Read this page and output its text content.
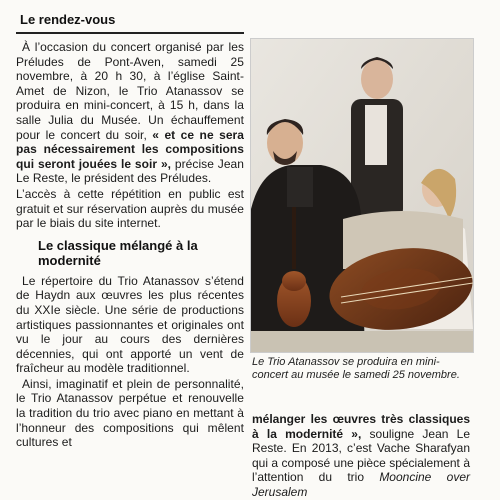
Le rendez-vous

À l’occasion du concert organisé par les Préludes de Pont-Aven, samedi 25 novembre, à 20 h 30, à l’église Saint-Amet de Nizon, le Trio Atanassov se produira en mini-concert, à 15 h, dans la salle Julia du Musée. Un échauffement pour le concert du soir, « et ce ne sera pas nécessairement les compositions qui seront jouées le soir », précise Jean Le Reste, le président des Préludes.

L’accès à cette répétition en public est gratuit et sur réservation auprès du musée par le biais du site internet.

Le classique mélangé à la modernité

Le répertoire du Trio Atanassov s’étend de Haydn aux œuvres les plus récentes du XXIe siècle. Une série de productions artistiques passionnantes et originales ont vu le jour au cours des dernières décennies, qui ont apporté un vent de fraîcheur au modèle traditionnel.

Ainsi, imaginatif et plein de personnalité, le Trio Atanassov perpétue et renouvelle la tradition du trio avec piano en mettant à l’honneur des compositions qui mêlent cultures et

Le Trio Atanassov se produira en mini-concert au musée le samedi 25 novembre.
mélanger les œuvres très classiques à la modernité », souligne Jean Le Reste. En 2013, c’est Vache Sharafyan qui a composé une pièce spécialement à l’attention du trio Mooncine over Jerusalem
